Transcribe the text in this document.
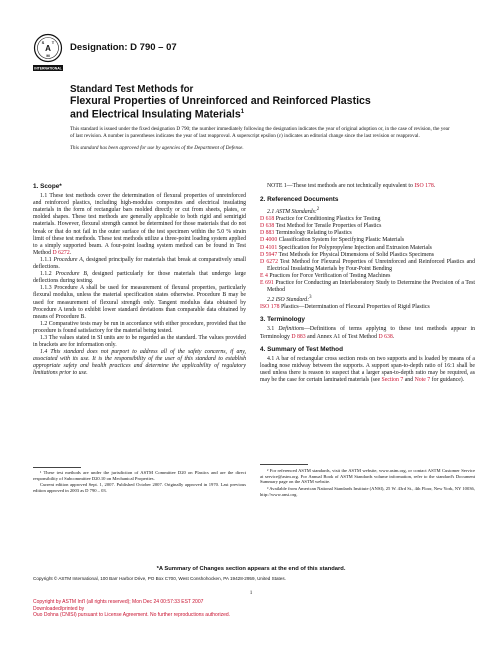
A
S T
M
INTERNATIONAL
Designation: D 790 – 07
Standard Test Methods for
Flexural Properties of Unreinforced and Reinforced Plastics
and Electrical Insulating Materials$^1$
This standard is issued under the fixed designation D 790; the number immediately following the designation indicates the year of original adoption or, in the case of revision, the year of last revision. A number in parentheses indicates the year of last reapproval. A superscript epsilon (ε) indicates an editorial change since the last revision or reapproval.
This standard has been approved for use by agencies of the Department of Defense.
1. Scope*

1.1 These test methods cover the determination of flexural properties of unreinforced and reinforced plastics, including high-modulus composites and electrical insulating materials in the form of rectangular bars molded directly or cut from sheets, plates, or molded shapes. These test methods are generally applicable to both rigid and semirigid materials. However, flexural strength cannot be determined for those materials that do not break or that do not fail in the outer surface of the test specimen within the 5.0 % strain limit of these test methods. These test methods utilize a three-point loading system applied to a simply supported beam. A four-point loading system method can be found in Test Method D 6272.

1.1.1 Procedure A, designed principally for materials that break at comparatively small deflections.

1.1.2 Procedure B, designed particularly for those materials that undergo large deflections during testing.

1.1.3 Procedure A shall be used for measurement of flexural properties, particularly flexural modulus, unless the material specification states otherwise. Procedure B may be used for measurement of flexural strength only. Tangent modulus data obtained by Procedure A tends to exhibit lower standard deviations than comparable data obtained by means of Procedure B.

1.2 Comparative tests may be run in accordance with either procedure, provided that the procedure is found satisfactory for the material being tested.

1.3 The values stated in SI units are to be regarded as the standard. The values provided in brackets are for information only.

1.4 This standard does not purport to address all of the safety concerns, if any, associated with its use. It is the responsibility of the user of this standard to establish appropriate safety and health practices and determine the applicability of regulatory limitations prior to use.

NOTE 1—These test methods are not technically equivalent to ISO 178.

2. Referenced Documents

2.1 ASTM Standards:$^2$

D 618 Practice for Conditioning Plastics for Testing

D 638 Test Method for Tensile Properties of Plastics

D 883 Terminology Relating to Plastics

D 4000 Classification System for Specifying Plastic Materials

D 4101 Specification for Polypropylene Injection and Extrusion Materials

D 5947 Test Methods for Physical Dimensions of Solid Plastics Specimens

D 6272 Test Method for Flexural Properties of Unreinforced and Reinforced Plastics and Electrical Insulating Materials by Four-Point Bending

E 4 Practices for Force Verification of Testing Machines

E 691 Practice for Conducting an Interlaboratory Study to Determine the Precision of a Test Method

2.2 ISO Standard:$^3$

ISO 178 Plastics—Determination of Flexural Properties of Rigid Plastics

3. Terminology

3.1 Definitions—Definitions of terms applying to these test methods appear in Terminology D 883 and Annex A1 of Test Method D 638.

4. Summary of Test Method

4.1 A bar of rectangular cross section rests on two supports and is loaded by means of a loading nose midway between the supports. A support span-to-depth ratio of 16:1 shall be used unless there is reason to suspect that a larger span-to-depth ratio may be required, as may be the case for certain laminated materials (see Section 7 and Note 7 for guidance).

¹ These test methods are under the jurisdiction of ASTM Committee D20 on Plastics and are the direct responsibility of Subcommittee D20.10 on Mechanical Properties.

Current edition approved Sept. 1, 2007. Published October 2007. Originally approved in 1970. Last previous edition approved in 2003 as D 790 – 03.

² For referenced ASTM standards, visit the ASTM website, www.astm.org, or contact ASTM Customer Service at service@astm.org. For Annual Book of ASTM Standards volume information, refer to the standard's Document Summary page on the ASTM website.

³ Available from American National Standards Institute (ANSI), 25 W. 43rd St., 4th Floor, New York, NY 10036, http://www.ansi.org.

*A Summary of Changes section appears at the end of this standard.
Copyright © ASTM International, 100 Barr Harbor Drive, PO Box C700, West Conshohocken, PA 19428-2959, United States.
1
Copyright by ASTM Int'l (all rights reserved); Mon Dec 24 00:57:33 EST 2007
Downloaded/printed by
Ouo Dohna (CNISI) pursuant to License Agreement. No further reproductions authorized.
